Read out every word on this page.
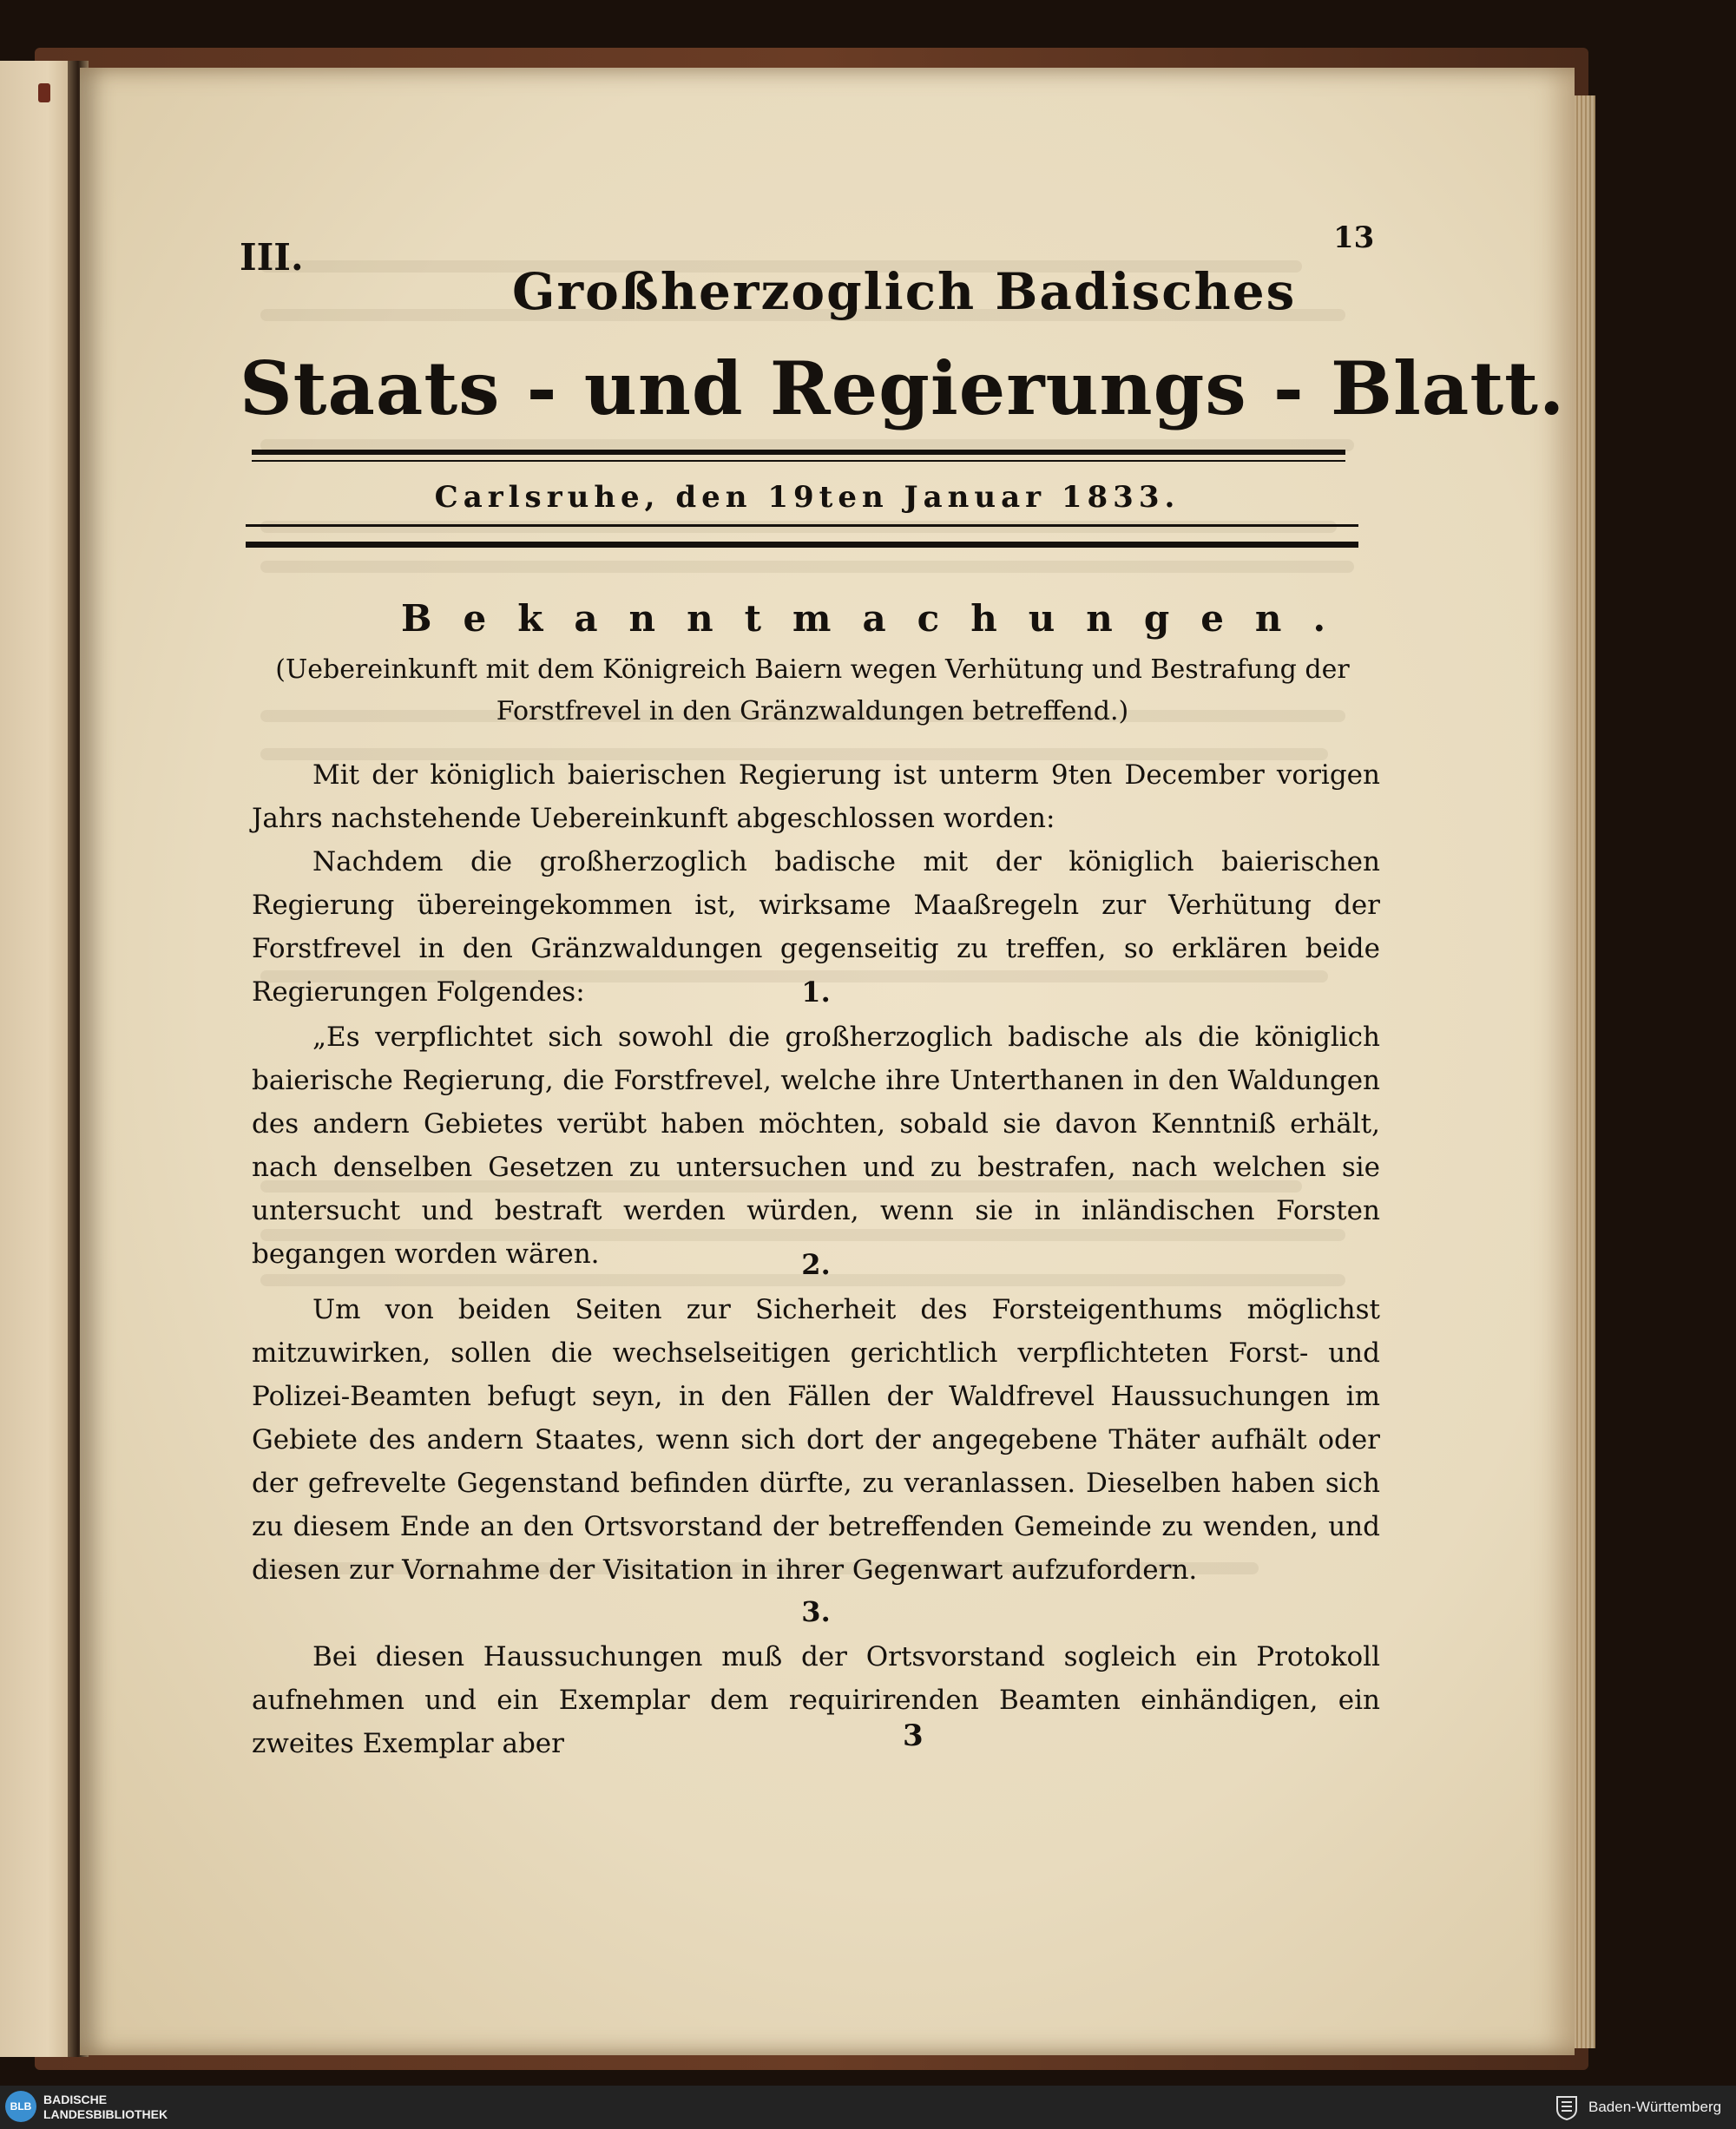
III.	13
Großherzoglich Badisches
Staats - und Regierungs - Blatt.
Carlsruhe, den 19ten Januar 1833.
Bekanntmachungen.
(Uebereinkunft mit dem Königreich Baiern wegen Verhütung und Bestrafung der Forstfrevel in den Gränzwaldungen betreffend.)
Mit der königlich baierischen Regierung ist unterm 9ten December vorigen Jahrs nachstehende Uebereinkunft abgeschlossen worden:
Nachdem die großherzoglich badische mit der königlich baierischen Regierung übereingekommen ist, wirksame Maaßregeln zur Verhütung der Forstfrevel in den Gränzwaldungen gegenseitig zu treffen, so erklären beide Regierungen Folgendes:	1.
„Es verpflichtet sich sowohl die großherzoglich badische als die königlich baierische Regierung, die Forstfrevel, welche ihre Unterthanen in den Waldungen des andern Gebietes verübt haben möchten, sobald sie davon Kenntniß erhält, nach denselben Gesetzen zu untersuchen und zu bestrafen, nach welchen sie untersucht und bestraft werden würden, wenn sie in inländischen Forsten begangen worden wären.	2.
Um von beiden Seiten zur Sicherheit des Forsteigenthums möglichst mitzuwirken, sollen die wechselseitigen gerichtlich verpflichteten Forst- und Polizei-Beamten befugt seyn, in den Fällen der Waldfrevel Haussuchungen im Gebiete des andern Staates, wenn sich dort der angegebene Thäter aufhält oder der gefrevelte Gegenstand befinden dürfte, zu veranlassen. Dieselben haben sich zu diesem Ende an den Ortsvorstand der betreffenden Gemeinde zu wenden, und diesen zur Vornahme der Visitation in ihrer Gegenwart aufzufordern.
3.
Bei diesen Haussuchungen muß der Ortsvorstand sogleich ein Protokoll aufnehmen und ein Exemplar dem requirirenden Beamten einhändigen, ein zweites Exemplar aber	3
BLB BADISCHE
LANDESBIBLIOTHEK	Baden-Württemberg
